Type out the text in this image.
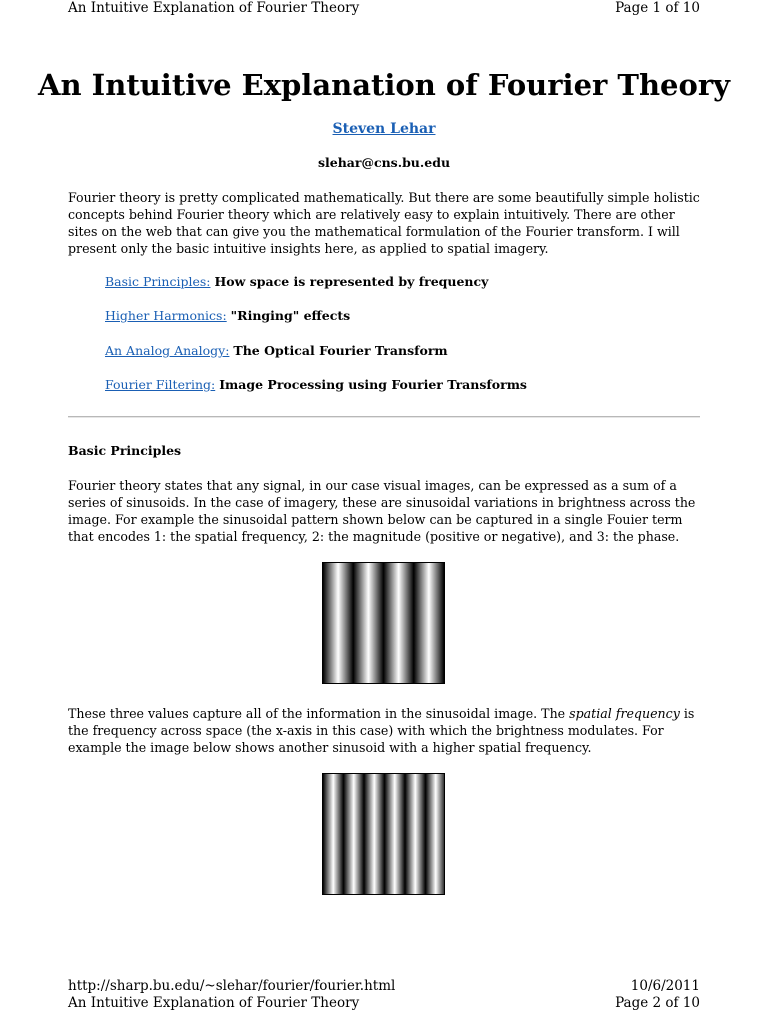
An Intuitive Explanation of Fourier Theory	Page 1 of 10
An Intuitive Explanation of Fourier Theory
Steven Lehar
slehar@cns.bu.edu

Fourier theory is pretty complicated mathematically. But there are some beautifully simple holistic concepts behind Fourier theory which are relatively easy to explain intuitively. There are other sites on the web that can give you the mathematical formulation of the Fourier transform. I will present only the basic intuitive insights here, as applied to spatial imagery.

Basic Principles: How space is represented by frequency
Higher Harmonics: "Ringing" effects
An Analog Analogy: The Optical Fourier Transform
Fourier Filtering: Image Processing using Fourier Transforms
Basic Principles

Fourier theory states that any signal, in our case visual images, can be expressed as a sum of a series of sinusoids. In the case of imagery, these are sinusoidal variations in brightness across the image. For example the sinusoidal pattern shown below can be captured in a single Fouier term that encodes 1: the spatial frequency, 2: the magnitude (positive or negative), and 3: the phase.

These three values capture all of the information in the sinusoidal image. The spatial frequency is the frequency across space (the x-axis in this case) with which the brightness modulates. For example the image below shows another sinusoid with a higher spatial frequency.

http://sharp.bu.edu/~slehar/fourier/fourier.html	10/6/2011
An Intuitive Explanation of Fourier Theory	Page 2 of 10
